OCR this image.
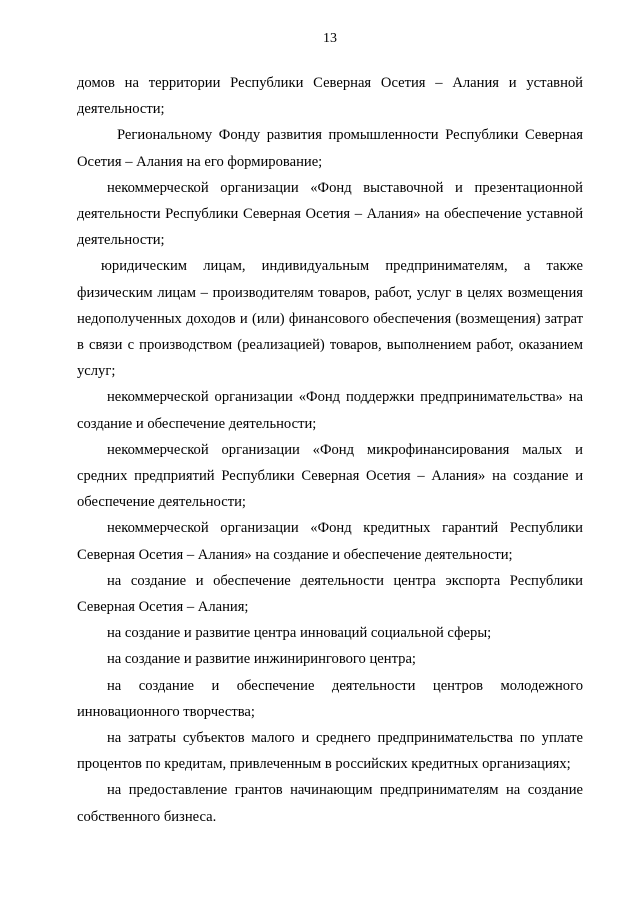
13

домов на территории Республики Северная Осетия – Алания и уставной деятельности;

Региональному Фонду развития промышленности Республики Северная Осетия – Алания на его формирование;

некоммерческой организации «Фонд выставочной и презентационной деятельности Республики Северная Осетия – Алания» на обеспечение уставной деятельности;

юридическим лицам, индивидуальным предпринимателям, а также физическим лицам – производителям товаров, работ, услуг в целях возмещения недополученных доходов и (или) финансового обеспечения (возмещения) затрат в связи с производством (реализацией) товаров, выполнением работ, оказанием услуг;

некоммерческой организации «Фонд поддержки предпринимательства» на создание и обеспечение деятельности;

некоммерческой организации «Фонд микрофинансирования малых и средних предприятий Республики Северная Осетия – Алания» на создание и обеспечение деятельности;

некоммерческой организации «Фонд кредитных гарантий Республики Северная Осетия – Алания» на создание и обеспечение деятельности;

на создание и обеспечение деятельности центра экспорта Республики Северная Осетия – Алания;

на создание и развитие центра инноваций социальной сферы;

на создание и развитие инжинирингового центра;

на создание и обеспечение деятельности центров молодежного инновационного творчества;

на затраты субъектов малого и среднего предпринимательства по уплате процентов по кредитам, привлеченным в российских кредитных организациях;

на предоставление грантов начинающим предпринимателям на создание собственного бизнеса.
